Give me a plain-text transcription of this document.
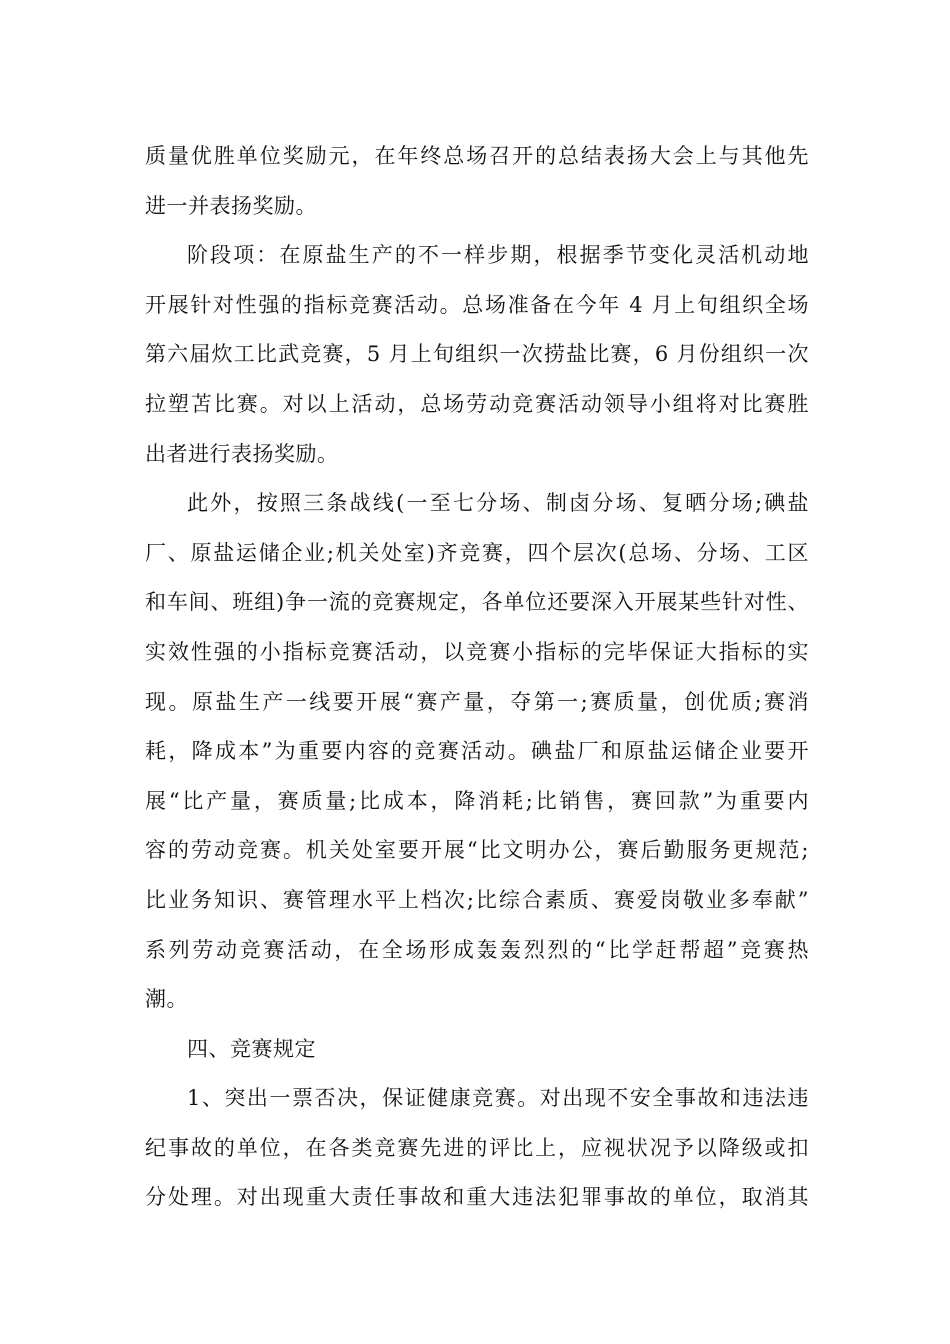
质量优胜单位奖励元，在年终总场召开的总结表扬大会上与其他先
进一并表扬奖励。
阶段项：在原盐生产的不一样步期，根据季节变化灵活机动地
开展针对性强的指标竞赛活动。总场准备在今年 4 月上旬组织全场
第六届炊工比武竞赛，5 月上旬组织一次捞盐比赛，6 月份组织一次
拉塑苫比赛。对以上活动，总场劳动竞赛活动领导小组将对比赛胜
出者进行表扬奖励。
此外，按照三条战线(一至七分场、制卤分场、复晒分场;碘盐
厂、原盐运储企业;机关处室)齐竞赛，四个层次(总场、分场、工区
和车间、班组)争一流的竞赛规定，各单位还要深入开展某些针对性、
实效性强的小指标竞赛活动，以竞赛小指标的完毕保证大指标的实
现。原盐生产一线要开展“赛产量，夺第一;赛质量，创优质;赛消
耗，降成本”为重要内容的竞赛活动。碘盐厂和原盐运储企业要开
展“比产量，赛质量;比成本，降消耗;比销售，赛回款”为重要内
容的劳动竞赛。机关处室要开展“比文明办公，赛后勤服务更规范;
比业务知识、赛管理水平上档次;比综合素质、赛爱岗敬业多奉献”
系列劳动竞赛活动，在全场形成轰轰烈烈的“比学赶帮超”竞赛热
潮。
四、竞赛规定
1、突出一票否决，保证健康竞赛。对出现不安全事故和违法违
纪事故的单位，在各类竞赛先进的评比上，应视状况予以降级或扣
分处理。对出现重大责任事故和重大违法犯罪事故的单位，取消其
